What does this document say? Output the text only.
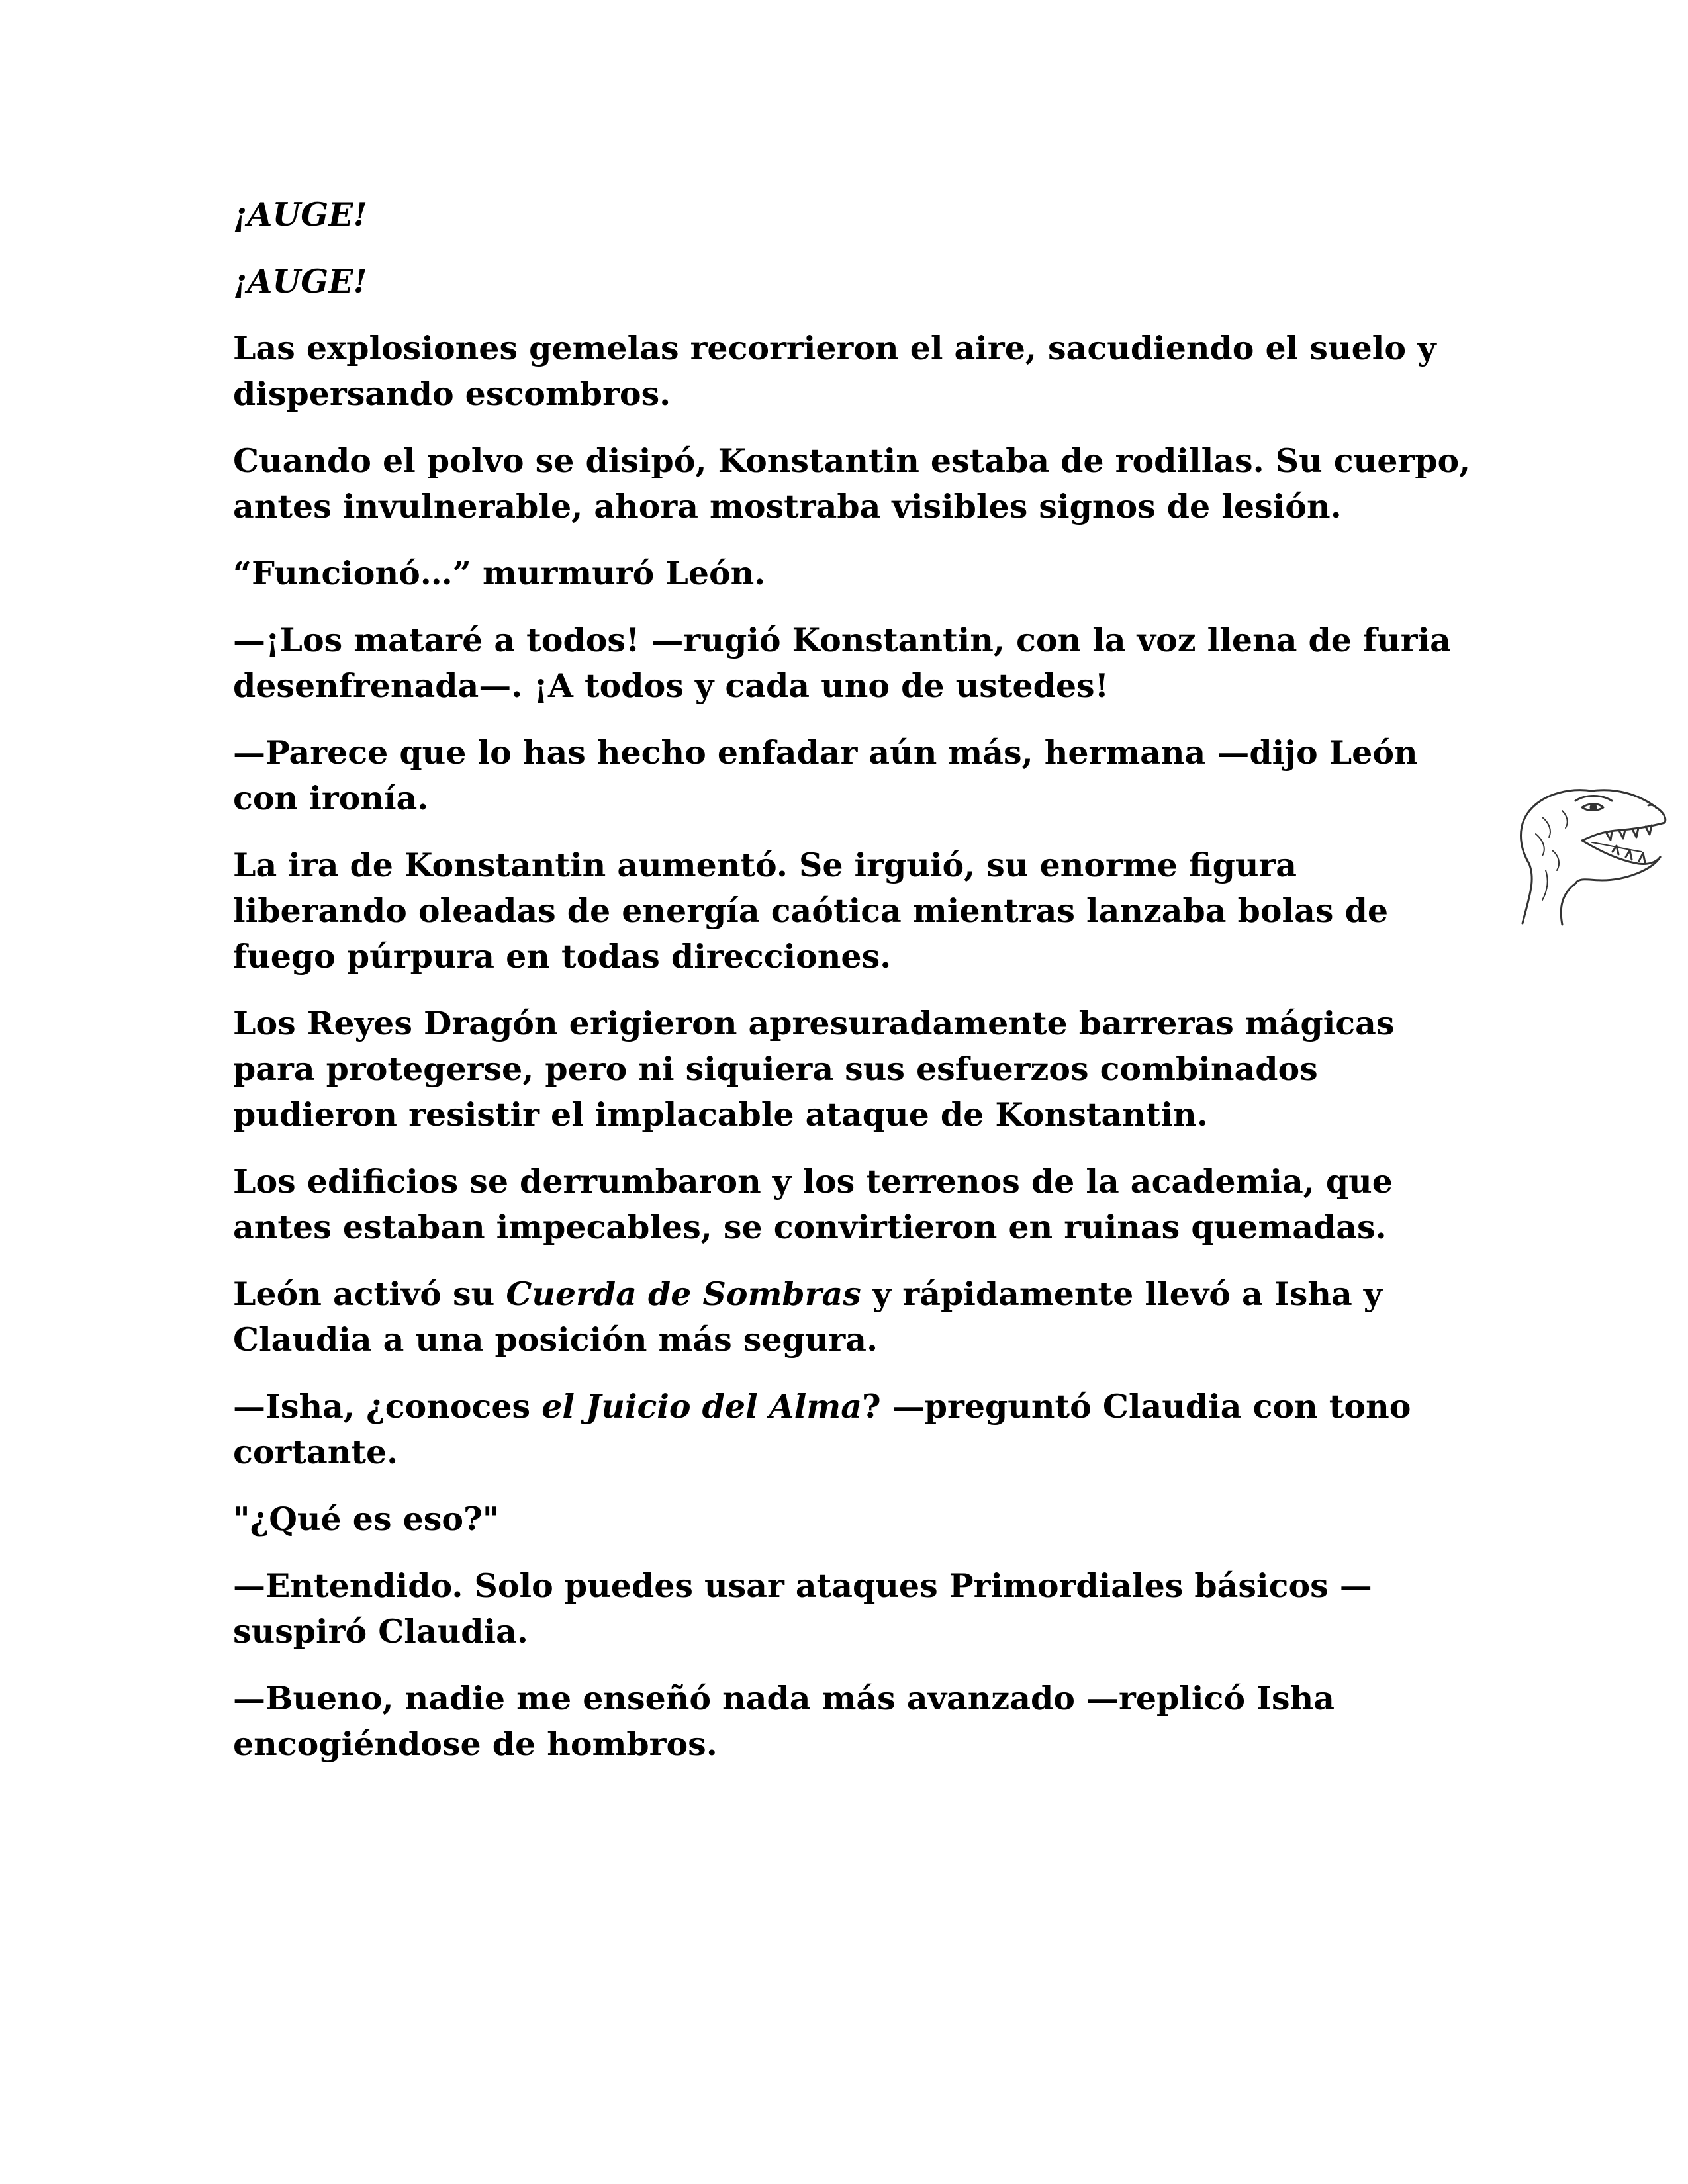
¡AUGE!

¡AUGE!

Las explosiones gemelas recorrieron el aire, sacudiendo el suelo y dispersando escombros.

Cuando el polvo se disipó, Konstantin estaba de rodillas. Su cuerpo, antes invulnerable, ahora mostraba visibles signos de lesión.

“Funcionó…” murmuró León.

—¡Los mataré a todos! —rugió Konstantin, con la voz llena de furia desenfrenada—. ¡A todos y cada uno de ustedes!

—Parece que lo has hecho enfadar aún más, hermana —dijo León con ironía.

La ira de Konstantin aumentó. Se irguió, su enorme figura liberando oleadas de energía caótica mientras lanzaba bolas de fuego púrpura en todas direcciones.

Los Reyes Dragón erigieron apresuradamente barreras mágicas para protegerse, pero ni siquiera sus esfuerzos combinados pudieron resistir el implacable ataque de Konstantin.

Los edificios se derrumbaron y los terrenos de la academia, que antes estaban impecables, se convirtieron en ruinas quemadas.

León activó su Cuerda de Sombras y rápidamente llevó a Isha y Claudia a una posición más segura.

—Isha, ¿conoces el Juicio del Alma? —preguntó Claudia con tono cortante.

"¿Qué es eso?"

—Entendido. Solo puedes usar ataques Primordiales básicos —suspiró Claudia.

—Bueno, nadie me enseñó nada más avanzado —replicó Isha encogiéndose de hombros.
